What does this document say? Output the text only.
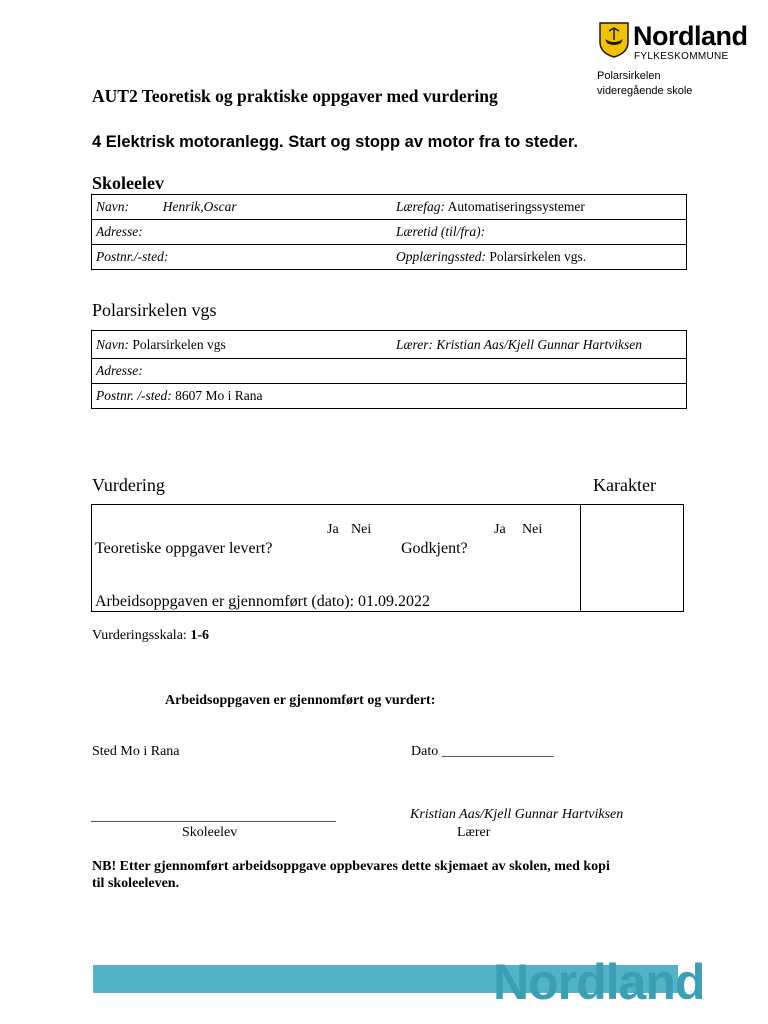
Nordland
FYLKESKOMMUNE
Polarsirkelen
videregående skole
AUT2 Teoretisk og praktiske oppgaver med vurdering
4 Elektrisk motoranlegg. Start og stopp av motor fra to steder.
Skoleelev
Navn: Henrik,Oscar	Lærefag: Automatiseringssystemer
Adresse:	Læretid (til/fra):
Postnr./-sted:	Opplæringssted: Polarsirkelen vgs.
Polarsirkelen vgs
Navn: Polarsirkelen vgs	Lærer: Kristian Aas/Kjell Gunnar Hartviksen
Adresse:
Postnr. /-sted: 8607 Mo i Rana
Vurdering	Karakter
Ja Nei	Ja Nei
Teoretiske oppgaver levert?	Godkjent?
Arbeidsoppgaven er gjennomført (dato): 01.09.2022
Vurderingsskala: 1-6
Arbeidsoppgaven er gjennomført og vurdert:
Sted Mo i Rana	Dato ________________
___________________________________	Kristian Aas/Kjell Gunnar Hartviksen
Skoleelev	Lærer
NB! Etter gjennomført arbeidsoppgave oppbevares dette skjemaet av skolen, med kopi
til skoleeleven.
Nordland
